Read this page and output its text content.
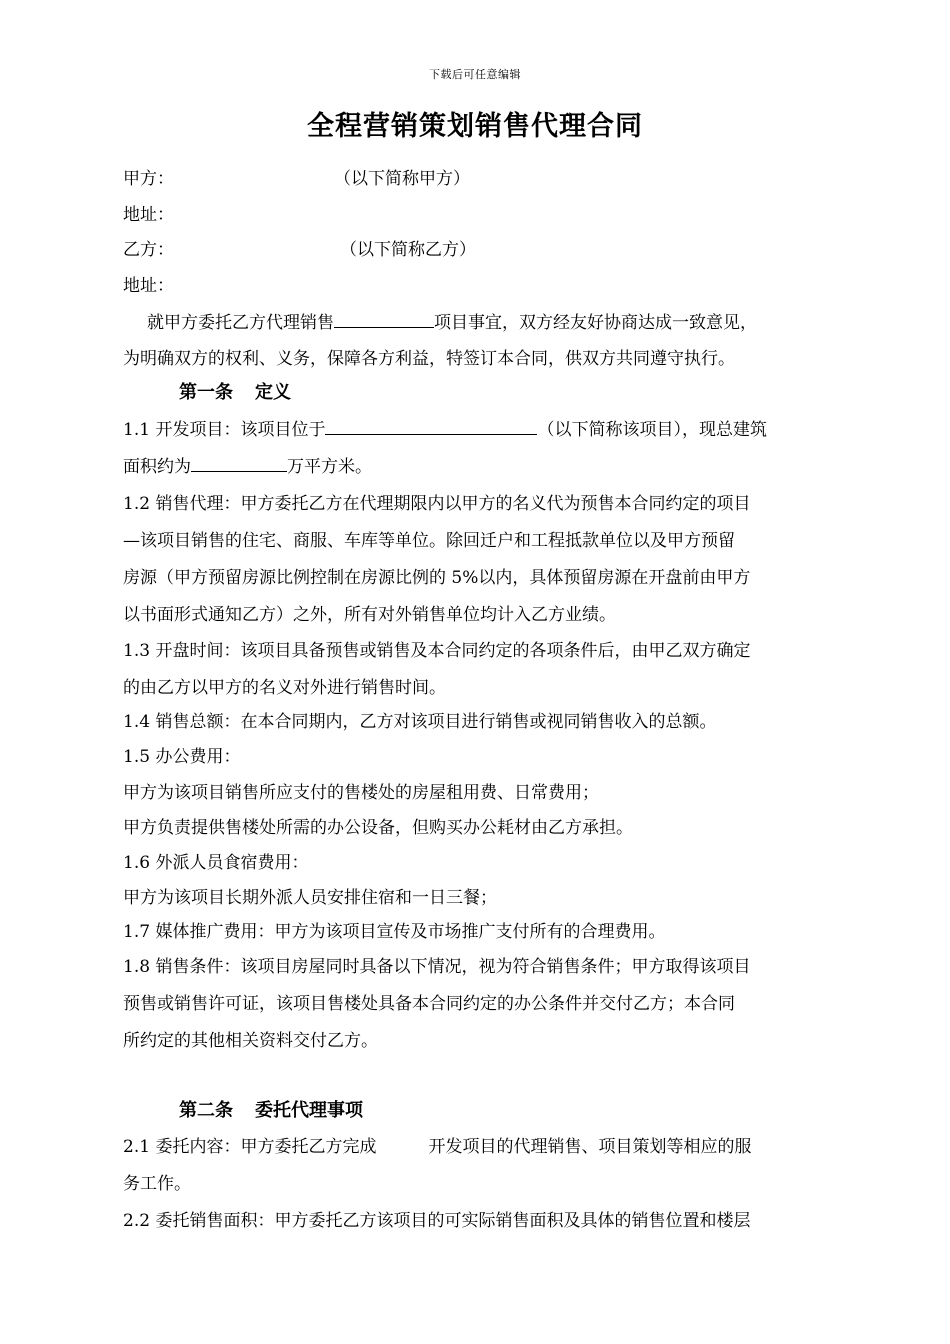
下载后可任意编辑
全程营销策划销售代理合同
甲方：	（以下简称甲方）
地址：
乙方：	（以下简称乙方）
地址：
就甲方委托乙方代理销售	项目事宜，双方经友好协商达成一致意见，
为明确双方的权利、义务，保障各方利益，特签订本合同，供双方共同遵守执行。
第一条 定义
1.1 开发项目：该项目位于	（以下简称该项目），现总建筑
面积约为	万平方米。
1.2 销售代理：甲方委托乙方在代理期限内以甲方的名义代为预售本合同约定的项目
—该项目销售的住宅、商服、车库等单位。除回迁户和工程抵款单位以及甲方预留
房源（甲方预留房源比例控制在房源比例的 5%以内，具体预留房源在开盘前由甲方
以书面形式通知乙方）之外，所有对外销售单位均计入乙方业绩。
1.3 开盘时间：该项目具备预售或销售及本合同约定的各项条件后，由甲乙双方确定
的由乙方以甲方的名义对外进行销售时间。
1.4 销售总额：在本合同期内，乙方对该项目进行销售或视同销售收入的总额。
1.5 办公费用：
甲方为该项目销售所应支付的售楼处的房屋租用费、日常费用；
甲方负责提供售楼处所需的办公设备，但购买办公耗材由乙方承担。
1.6 外派人员食宿费用：
甲方为该项目长期外派人员安排住宿和一日三餐；
1.7 媒体推广费用：甲方为该项目宣传及市场推广支付所有的合理费用。
1.8 销售条件：该项目房屋同时具备以下情况，视为符合销售条件；甲方取得该项目
预售或销售许可证，该项目售楼处具备本合同约定的办公条件并交付乙方；本合同
所约定的其他相关资料交付乙方。
第二条 委托代理事项
2.1 委托内容：甲方委托乙方完成	开发项目的代理销售、项目策划等相应的服
务工作。
2.2 委托销售面积：甲方委托乙方该项目的可实际销售面积及具体的销售位置和楼层
